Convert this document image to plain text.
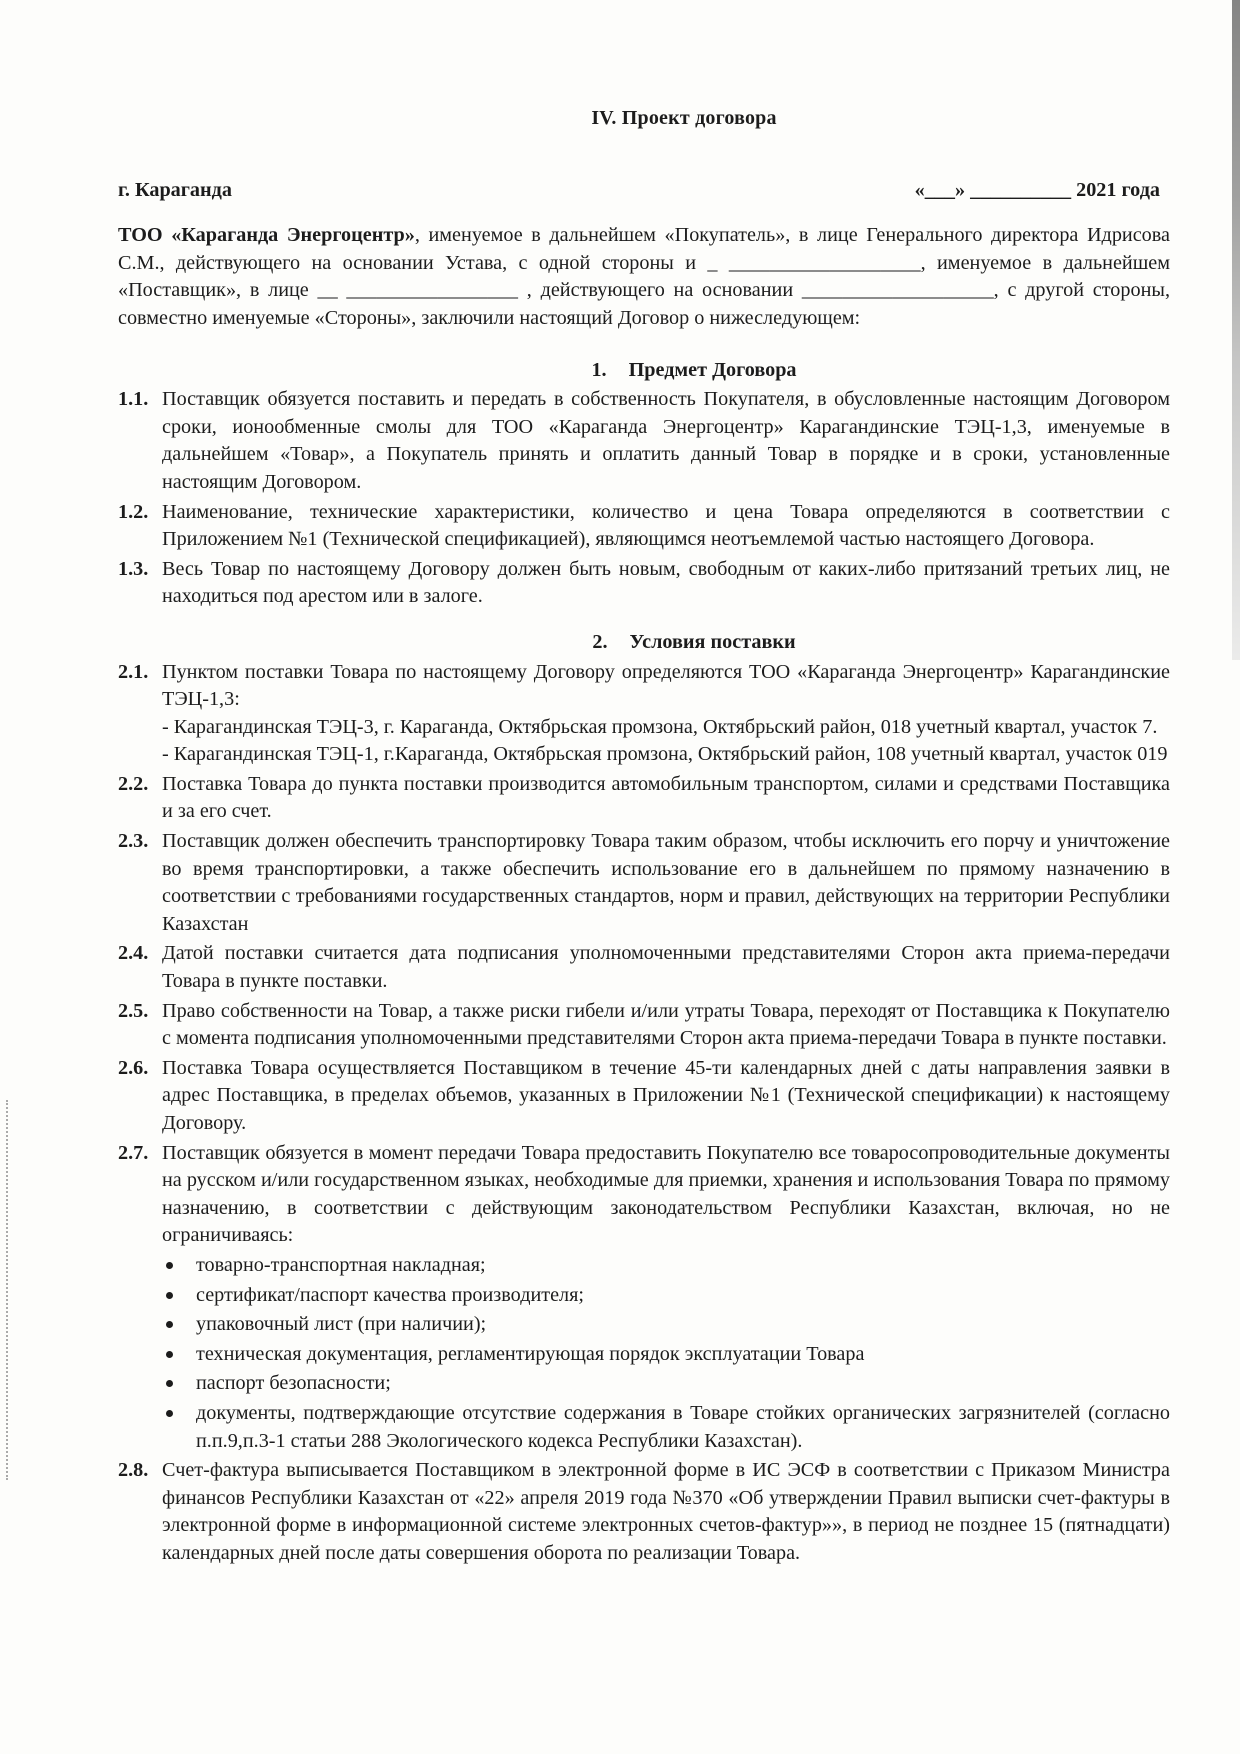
IV. Проект договора
г. Караганда	«___» __________ 2021 года
ТОО «Караганда Энергоцентр», именуемое в дальнейшем «Покупатель», в лице Генерального директора Идрисова С.М., действующего на основании Устава, с одной стороны и _ ___________________, именуемое в дальнейшем «Поставщик», в лице __ _________________ , действующего на основании ___________________, с другой стороны, совместно именуемые «Стороны», заключили настоящий Договор о нижеследующем:
1. Предмет Договора
1.1. Поставщик обязуется поставить и передать в собственность Покупателя, в обусловленные настоящим Договором сроки, ионообменные смолы для ТОО «Караганда Энергоцентр» Карагандинские ТЭЦ-1,3, именуемые в дальнейшем «Товар», а Покупатель принять и оплатить данный Товар в порядке и в сроки, установленные настоящим Договором.
1.2. Наименование, технические характеристики, количество и цена Товара определяются в соответствии с Приложением №1 (Технической спецификацией), являющимся неотъемлемой частью настоящего Договора.
1.3. Весь Товар по настоящему Договору должен быть новым, свободным от каких-либо притязаний третьих лиц, не находиться под арестом или в залоге.
2. Условия поставки
2.1. Пунктом поставки Товара по настоящему Договору определяются ТОО «Караганда Энергоцентр» Карагандинские ТЭЦ-1,3:
- Карагандинская ТЭЦ-3, г. Караганда, Октябрьская промзона, Октябрьский район, 018 учетный квартал, участок 7.
- Карагандинская ТЭЦ-1, г.Караганда, Октябрьская промзона, Октябрьский район, 108 учетный квартал, участок 019
2.2. Поставка Товара до пункта поставки производится автомобильным транспортом, силами и средствами Поставщика и за его счет.
2.3. Поставщик должен обеспечить транспортировку Товара таким образом, чтобы исключить его порчу и уничтожение во время транспортировки, а также обеспечить использование его в дальнейшем по прямому назначению в соответствии с требованиями государственных стандартов, норм и правил, действующих на территории Республики Казахстан
2.4. Датой поставки считается дата подписания уполномоченными представителями Сторон акта приема-передачи Товара в пункте поставки.
2.5. Право собственности на Товар, а также риски гибели и/или утраты Товара, переходят от Поставщика к Покупателю с момента подписания уполномоченными представителями Сторон акта приема-передачи Товара в пункте поставки.
2.6. Поставка Товара осуществляется Поставщиком в течение 45-ти календарных дней с даты направления заявки в адрес Поставщика, в пределах объемов, указанных в Приложении №1 (Технической спецификации) к настоящему Договору.
2.7. Поставщик обязуется в момент передачи Товара предоставить Покупателю все товаросопроводительные документы на русском и/или государственном языках, необходимые для приемки, хранения и использования Товара по прямому назначению, в соответствии с действующим законодательством Республики Казахстан, включая, но не ограничиваясь:
товарно-транспортная накладная;
сертификат/паспорт качества производителя;
упаковочный лист (при наличии);
техническая документация, регламентирующая порядок эксплуатации Товара
паспорт безопасности;
документы, подтверждающие отсутствие содержания в Товаре стойких органических загрязнителей (согласно п.п.9,п.3-1 статьи 288 Экологического кодекса Республики Казахстан).
2.8. Счет-фактура выписывается Поставщиком в электронной форме в ИС ЭСФ в соответствии с Приказом Министра финансов Республики Казахстан от «22» апреля 2019 года №370 «Об утверждении Правил выписки счет-фактуры в электронной форме в информационной системе электронных счетов-фактур»», в период не позднее 15 (пятнадцати) календарных дней после даты совершения оборота по реализации Товара.
